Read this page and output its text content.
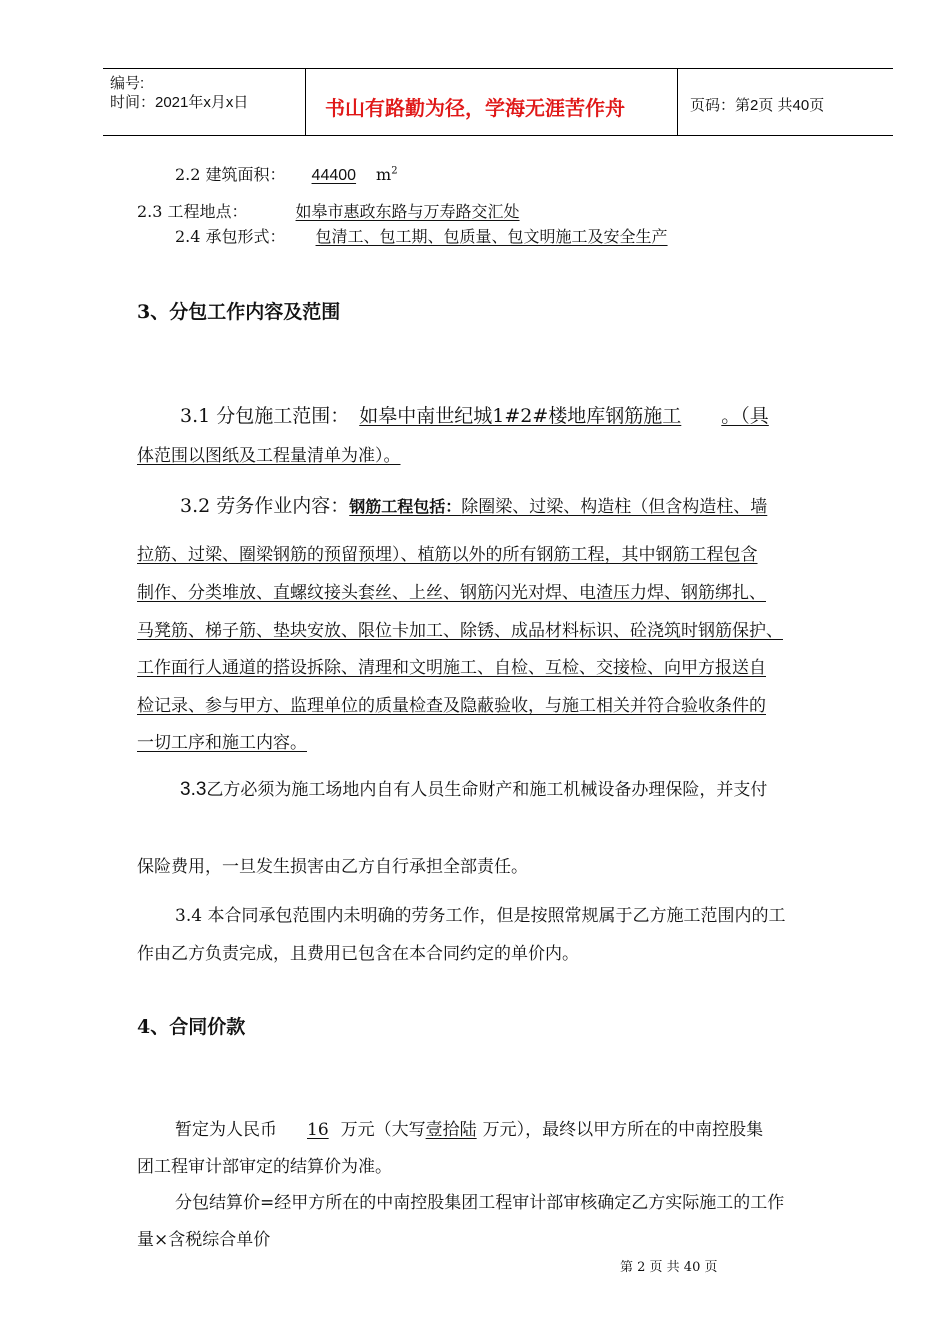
编号:
时间：2021年x月x日	书山有路勤为径，学海无涯苦作舟	页码：第2页 共40页
2.2 建筑面积： 44400 $m^2$
2.3 工程地点：	如皋市惠政东路与万寿路交汇处
2.4 承包形式： 包清工、包工期、包质量、包文明施工及安全生产
3、分包工作内容及范围
3.1 分包施工范围： 如皋中南世纪城1#2#楼地库钢筋施工 。（具
体范围以图纸及工程量清单为准）。
3.2 劳务作业内容：钢筋工程包括：除圈梁、过梁、构造柱（但含构造柱、墙
拉筋、过梁、圈梁钢筋的预留预埋）、植筋以外的所有钢筋工程，其中钢筋工程包含
制作、分类堆放、直螺纹接头套丝、上丝、钢筋闪光对焊、电渣压力焊、钢筋绑扎、
马凳筋、梯子筋、垫块安放、限位卡加工、除锈、成品材料标识、砼浇筑时钢筋保护、
工作面行人通道的搭设拆除、清理和文明施工、自检、互检、交接检、向甲方报送自
检记录、参与甲方、监理单位的质量检查及隐蔽验收，与施工相关并符合验收条件的
一切工序和施工内容。
3.3乙方必须为施工场地内自有人员生命财产和施工机械设备办理保险，并支付
保险费用，一旦发生损害由乙方自行承担全部责任。
3.4 本合同承包范围内未明确的劳务工作，但是按照常规属于乙方施工范围内的工
作由乙方负责完成，且费用已包含在本合同约定的单价内。
4、合同价款
暂定为人民币 16 万元（大写壹拾陆 万元），最终以甲方所在的中南控股集
团工程审计部审定的结算价为准。
分包结算价=经甲方所在的中南控股集团工程审计部审核确定乙方实际施工的工作
量×含税综合单价
第 2 页 共 40 页
